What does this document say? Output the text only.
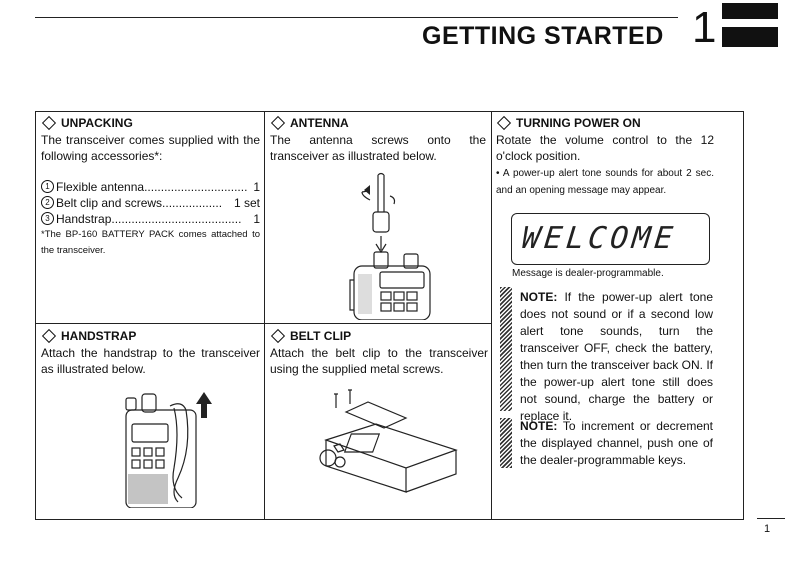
GETTING STARTED 1
UNPACKING
The transceiver comes supplied with the following accessories*:
1 Flexible antenna ............................... 1
2 Belt clip and screws .................. 1 set
3 Handstrap ....................................... 1
*The BP-160 BATTERY PACK comes attached to the transceiver.
ANTENNA
The antenna screws onto the transceiver as illustrated below.
TURNING POWER ON
Rotate the volume control to the 12 o'clock position.
• A power-up alert tone sounds for about 2 sec. and an opening message may appear.
WELCOME
Message is dealer-programmable.
NOTE: If the power-up alert tone does not sound or if a second low alert tone sounds, turn the transceiver OFF, check the battery, then turn the transceiver back ON. If the power-up alert tone still does not sound, charge the battery or replace it.
NOTE: To increment or decrement the displayed channel, push one of the dealer-programmable keys.
HANDSTRAP
Attach the handstrap to the transceiver as illustrated below.
BELT CLIP
Attach the belt clip to the transceiver using the supplied metal screws.
1
